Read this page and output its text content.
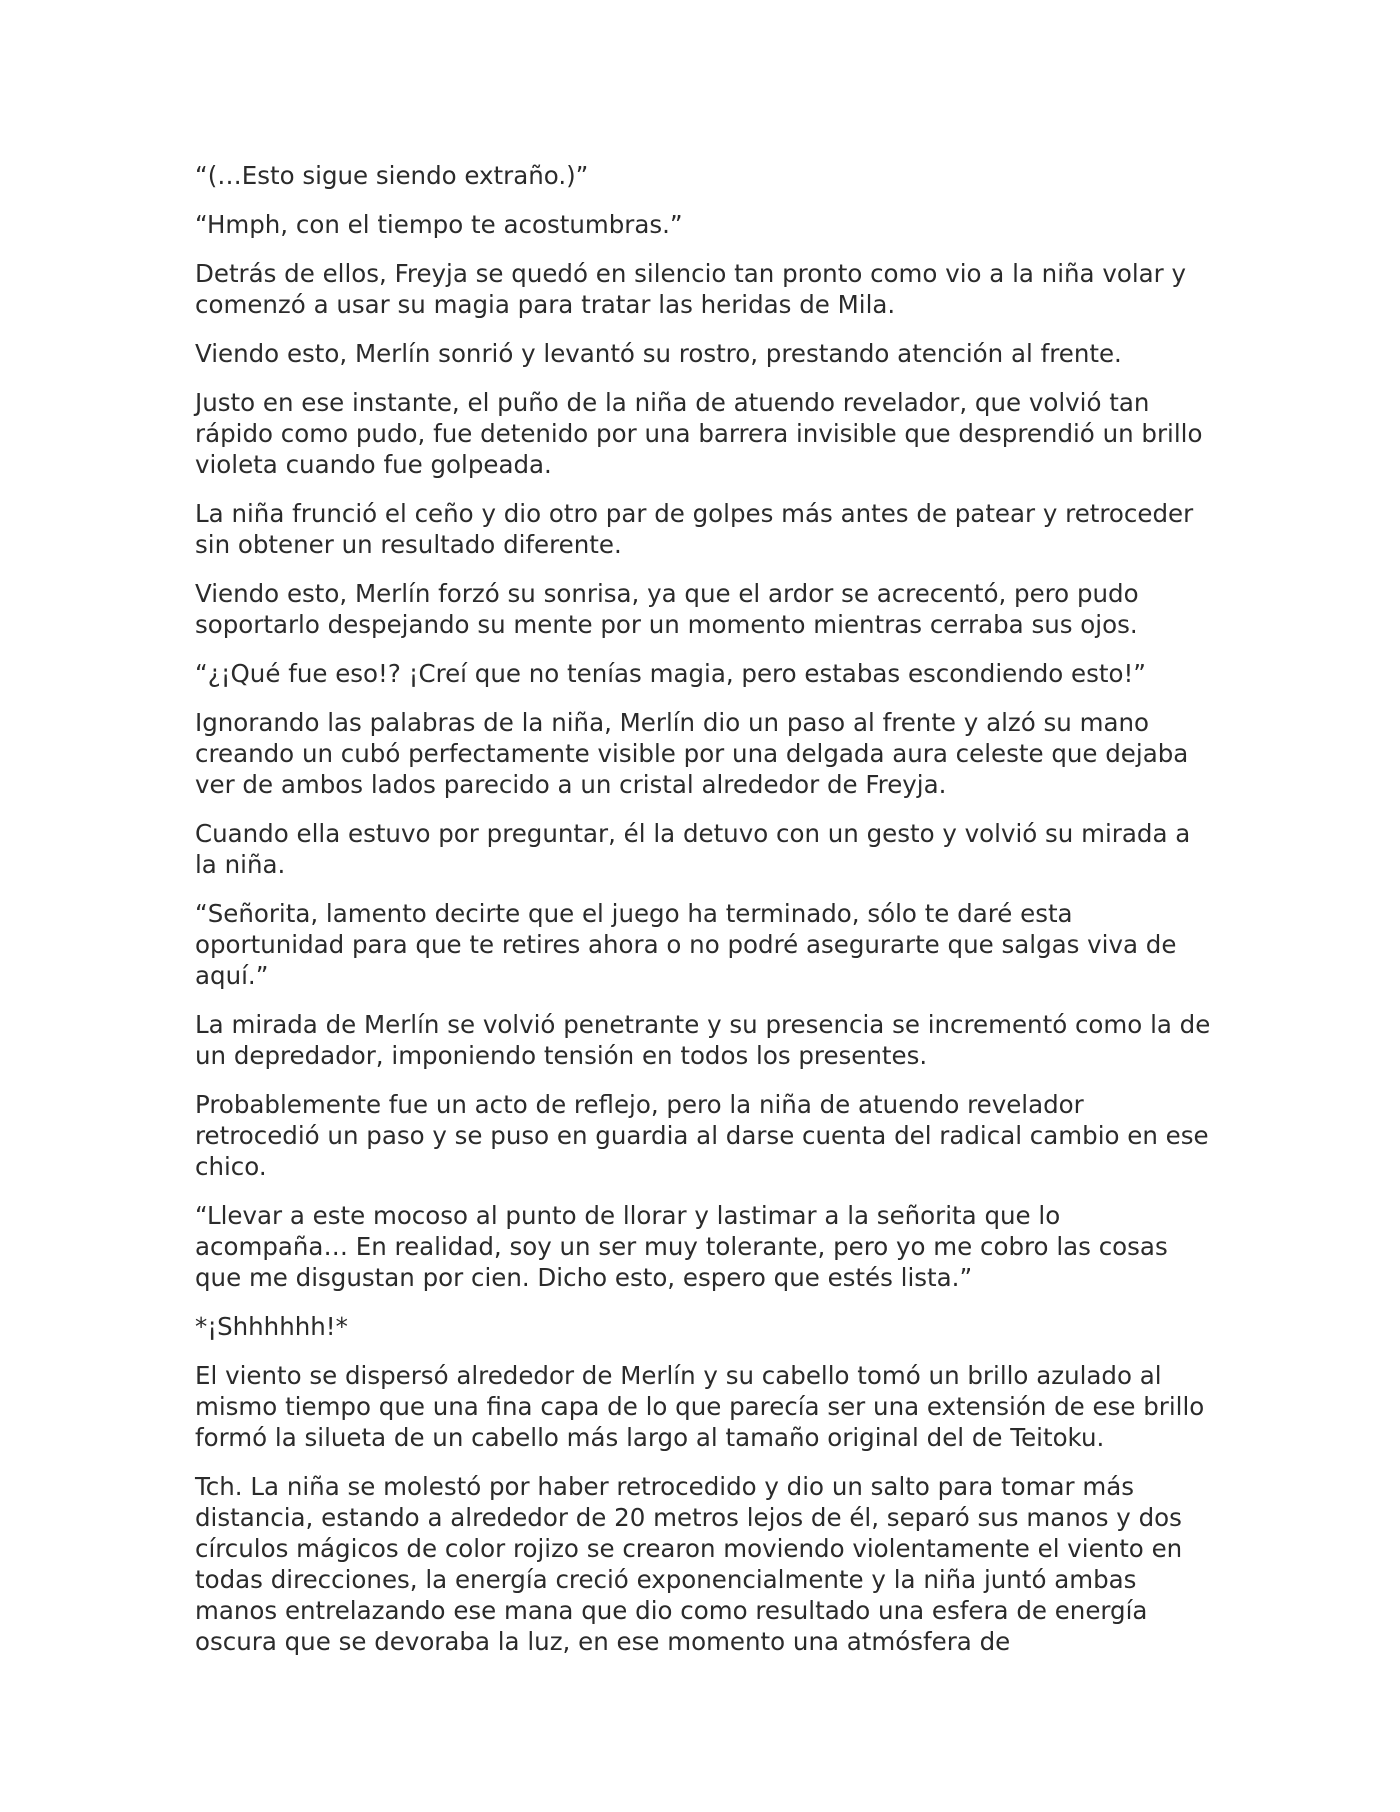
“(…Esto sigue siendo extraño.)”

“Hmph, con el tiempo te acostumbras.”

Detrás de ellos, Freyja se quedó en silencio tan pronto como vio a la niña volar y comenzó a usar su magia para tratar las heridas de Mila.

Viendo esto, Merlín sonrió y levantó su rostro, prestando atención al frente.

Justo en ese instante, el puño de la niña de atuendo revelador, que volvió tan rápido como pudo, fue detenido por una barrera invisible que desprendió un brillo violeta cuando fue golpeada.

La niña frunció el ceño y dio otro par de golpes más antes de patear y retroceder sin obtener un resultado diferente.

Viendo esto, Merlín forzó su sonrisa, ya que el ardor se acrecentó, pero pudo soportarlo despejando su mente por un momento mientras cerraba sus ojos.

“¿¡Qué fue eso!? ¡Creí que no tenías magia, pero estabas escondiendo esto!”

Ignorando las palabras de la niña, Merlín dio un paso al frente y alzó su mano creando un cubó perfectamente visible por una delgada aura celeste que dejaba ver de ambos lados parecido a un cristal alrededor de Freyja.

Cuando ella estuvo por preguntar, él la detuvo con un gesto y volvió su mirada a la niña.

“Señorita, lamento decirte que el juego ha terminado, sólo te daré esta oportunidad para que te retires ahora o no podré asegurarte que salgas viva de aquí.”

La mirada de Merlín se volvió penetrante y su presencia se incrementó como la de un depredador, imponiendo tensión en todos los presentes.

Probablemente fue un acto de reflejo, pero la niña de atuendo revelador retrocedió un paso y se puso en guardia al darse cuenta del radical cambio en ese chico.

“Llevar a este mocoso al punto de llorar y lastimar a la señorita que lo acompaña… En realidad, soy un ser muy tolerante, pero yo me cobro las cosas que me disgustan por cien. Dicho esto, espero que estés lista.”

*¡Shhhhhh!*

El viento se dispersó alrededor de Merlín y su cabello tomó un brillo azulado al mismo tiempo que una fina capa de lo que parecía ser una extensión de ese brillo formó la silueta de un cabello más largo al tamaño original del de Teitoku.

Tch. La niña se molestó por haber retrocedido y dio un salto para tomar más distancia, estando a alrededor de 20 metros lejos de él, separó sus manos y dos círculos mágicos de color rojizo se crearon moviendo violentamente el viento en todas direcciones, la energía creció exponencialmente y la niña juntó ambas manos entrelazando ese mana que dio como resultado una esfera de energía oscura que se devoraba la luz, en ese momento una atmósfera de
